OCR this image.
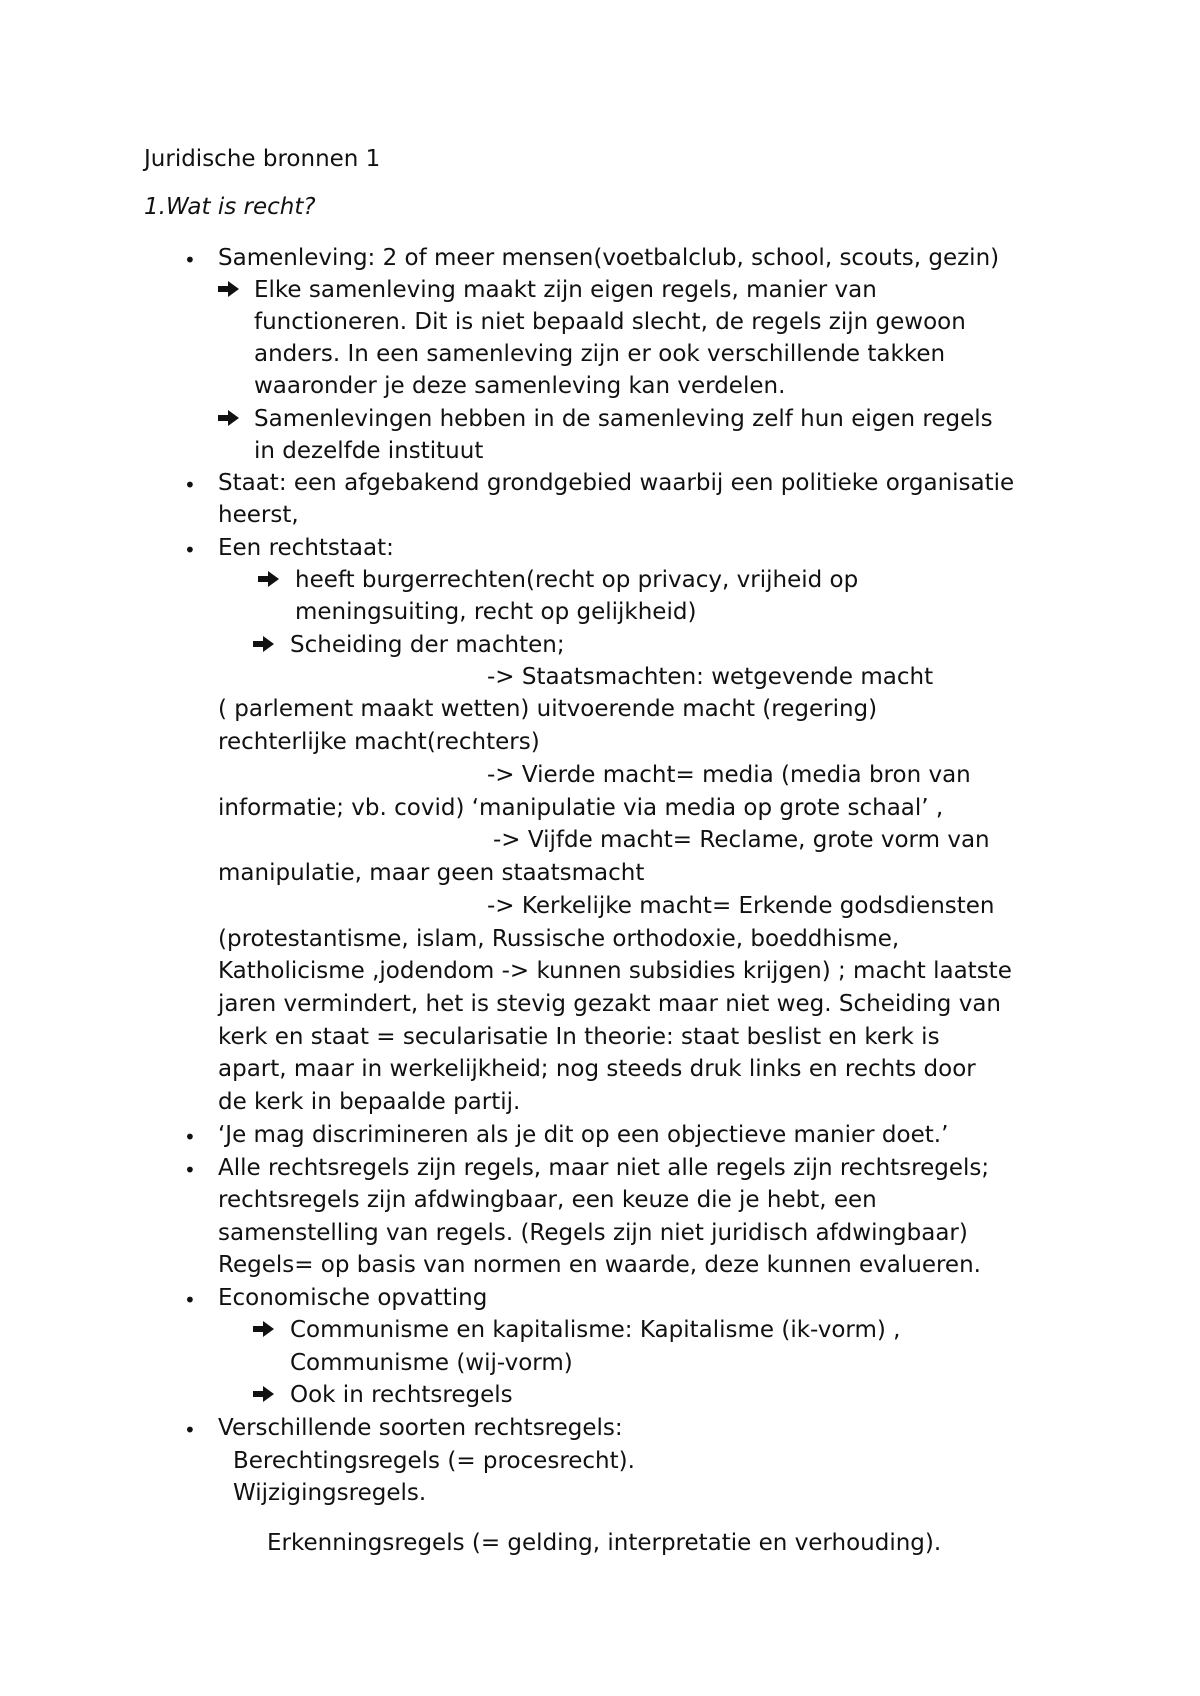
Juridische bronnen 1
1.Wat is recht?
• Samenleving: 2 of meer mensen(voetbalclub, school, scouts, gezin)
Elke samenleving maakt zijn eigen regels, manier van
functioneren. Dit is niet bepaald slecht, de regels zijn gewoon
anders. In een samenleving zijn er ook verschillende takken
waaronder je deze samenleving kan verdelen.
Samenlevingen hebben in de samenleving zelf hun eigen regels
in dezelfde instituut
• Staat: een afgebakend grondgebied waarbij een politieke organisatie
heerst,
• Een rechtstaat:
heeft burgerrechten(recht op privacy, vrijheid op
meningsuiting, recht op gelijkheid)
Scheiding der machten;
-> Staatsmachten: wetgevende macht
( parlement maakt wetten) uitvoerende macht (regering)
rechterlijke macht(rechters)
-> Vierde macht= media (media bron van
informatie; vb. covid) ‘manipulatie via media op grote schaal’ ,
-> Vijfde macht= Reclame, grote vorm van
manipulatie, maar geen staatsmacht
-> Kerkelijke macht= Erkende godsdiensten
(protestantisme, islam, Russische orthodoxie, boeddhisme,
Katholicisme ,jodendom -> kunnen subsidies krijgen) ; macht laatste
jaren vermindert, het is stevig gezakt maar niet weg. Scheiding van
kerk en staat = secularisatie In theorie: staat beslist en kerk is
apart, maar in werkelijkheid; nog steeds druk links en rechts door
de kerk in bepaalde partij.
• ‘Je mag discrimineren als je dit op een objectieve manier doet.’
• Alle rechtsregels zijn regels, maar niet alle regels zijn rechtsregels;
rechtsregels zijn afdwingbaar, een keuze die je hebt, een
samenstelling van regels. (Regels zijn niet juridisch afdwingbaar)
Regels= op basis van normen en waarde, deze kunnen evalueren.
• Economische opvatting
Communisme en kapitalisme: Kapitalisme (ik-vorm) ,
Communisme (wij-vorm)
Ook in rechtsregels
• Verschillende soorten rechtsregels:
Berechtingsregels (= procesrecht).
Wijzigingsregels.
Erkenningsregels (= gelding, interpretatie en verhouding).
